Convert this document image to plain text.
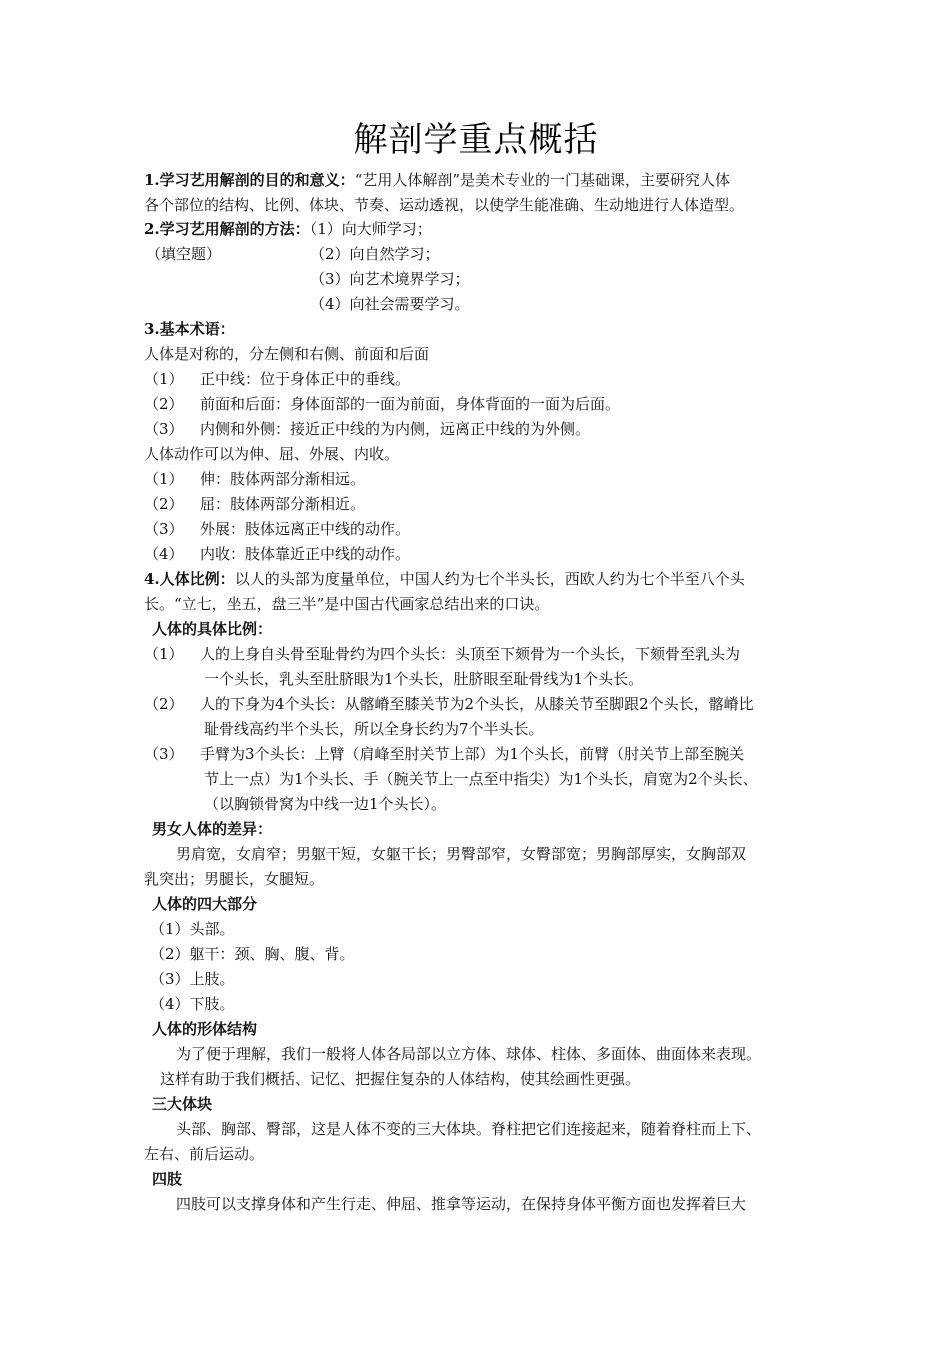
解剖学重点概括
1.学习艺用解剖的目的和意义：“艺用人体解剖”是美术专业的一门基础课，主要研究人体
各个部位的结构、比例、体块、节奏、运动透视，以使学生能准确、生动地进行人体造型。
2.学习艺用解剖的方法：（1）向大师学习；
（填空题）	（2）向自然学习；
（3）向艺术境界学习；
（4）向社会需要学习。
3.基本术语：
人体是对称的，分左侧和右侧、前面和后面
（1） 正中线：位于身体正中的垂线。
（2） 前面和后面：身体面部的一面为前面，身体背面的一面为后面。
（3） 内侧和外侧：接近正中线的为内侧，远离正中线的为外侧。
人体动作可以为伸、屈、外展、内收。
（1） 伸：肢体两部分渐相远。
（2） 屈：肢体两部分渐相近。
（3） 外展：肢体远离正中线的动作。
（4） 内收：肢体靠近正中线的动作。
4.人体比例：以人的头部为度量单位，中国人约为七个半头长，西欧人约为七个半至八个头
长。“立七，坐五，盘三半”是中国古代画家总结出来的口诀。
人体的具体比例：
（1） 人的上身自头骨至耻骨约为四个头长：头顶至下颏骨为一个头长，下颏骨至乳头为
一个头长，乳头至肚脐眼为1个头长，肚脐眼至耻骨线为1个头长。
（2） 人的下身为4个头长：从髂嵴至膝关节为2个头长，从膝关节至脚跟2个头长，髂嵴比
耻骨线高约半个头长，所以全身长约为7个半头长。
（3） 手臂为3个头长：上臂（肩峰至肘关节上部）为1个头长，前臂（肘关节上部至腕关
节上一点）为1个头长、手（腕关节上一点至中指尖）为1个头长，肩宽为2个头长、
（以胸锁骨窝为中线一边1个头长）。
男女人体的差异：
男肩宽，女肩窄；男躯干短，女躯干长；男臀部窄，女臀部宽；男胸部厚实，女胸部双
乳突出；男腿长，女腿短。
人体的四大部分
（1）头部。
（2）躯干：颈、胸、腹、背。
（3）上肢。
（4）下肢。
人体的形体结构
为了便于理解，我们一般将人体各局部以立方体、球体、柱体、多面体、曲面体来表现。
这样有助于我们概括、记忆、把握住复杂的人体结构，使其绘画性更强。
三大体块
头部、胸部、臀部，这是人体不变的三大体块。脊柱把它们连接起来，随着脊柱而上下、
左右、前后运动。
四肢
四肢可以支撑身体和产生行走、伸屈、推拿等运动，在保持身体平衡方面也发挥着巨大
